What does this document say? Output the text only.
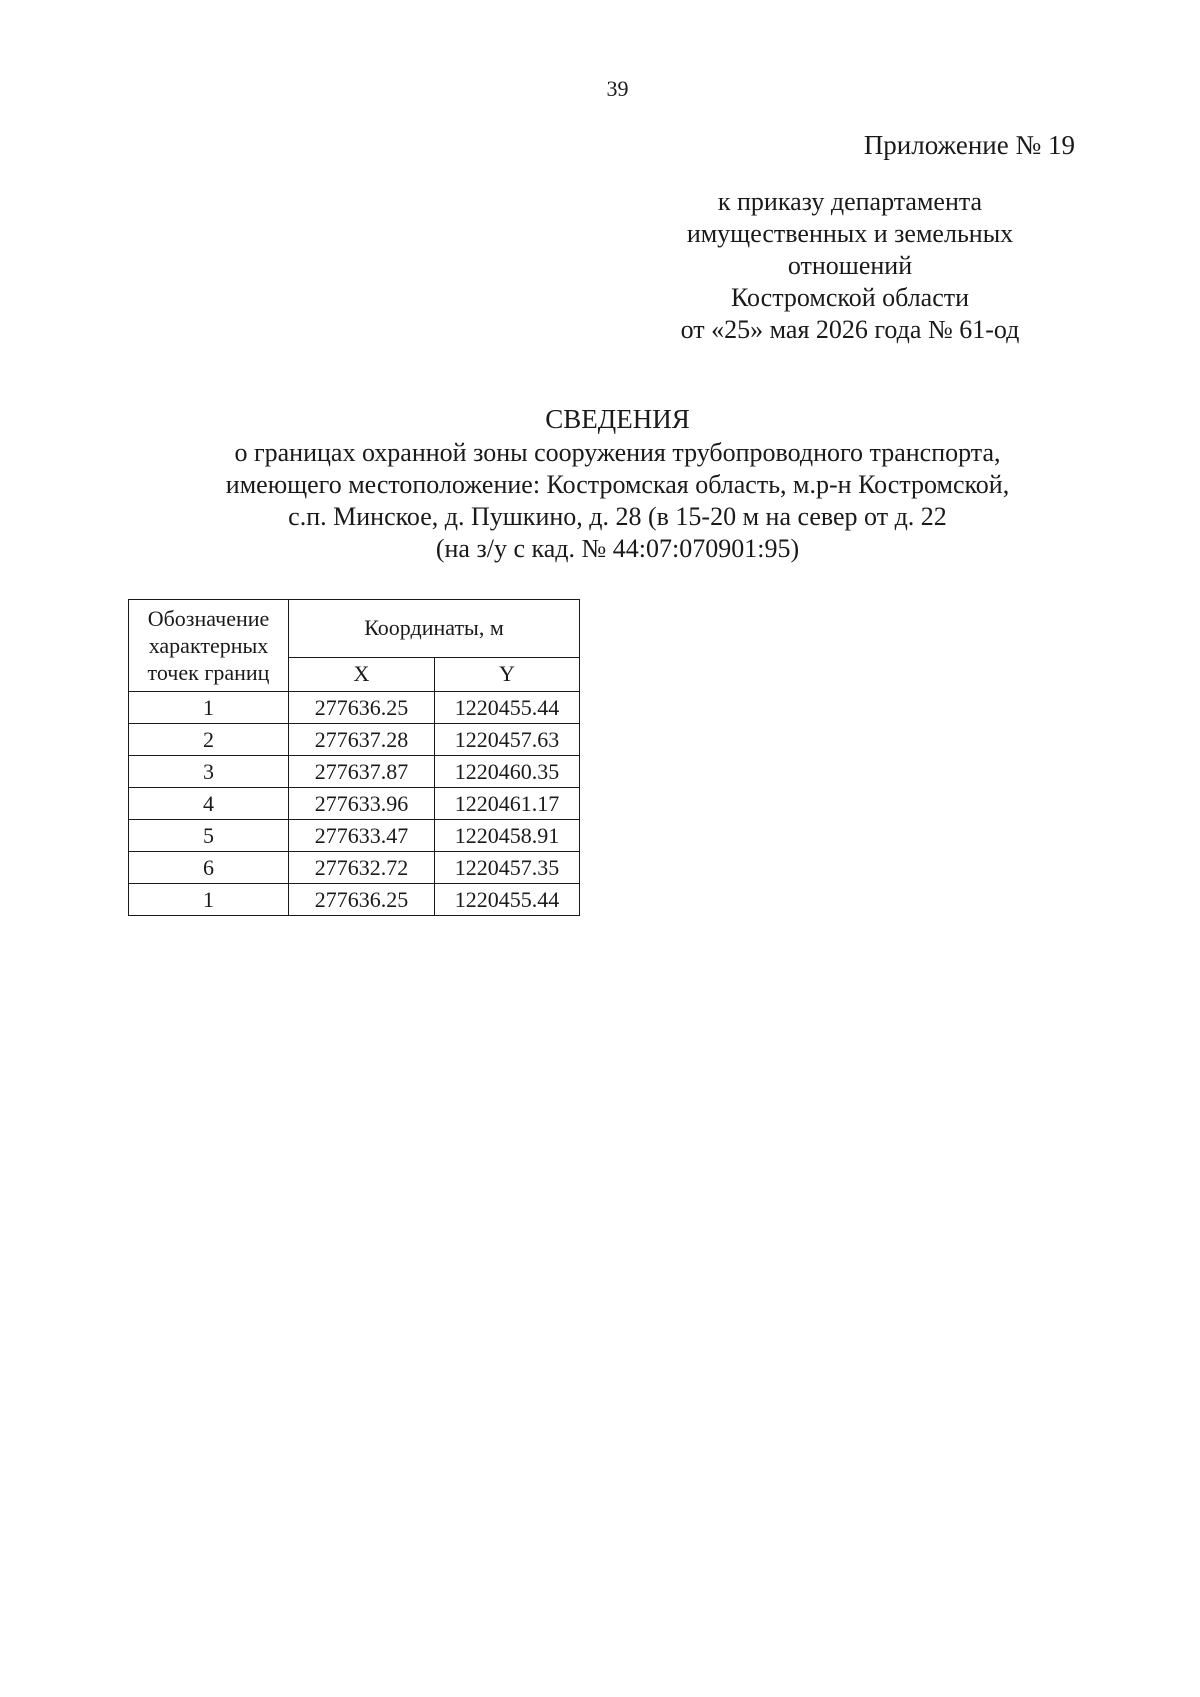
39
Приложение № 19
к приказу департамента
имущественных и земельных
отношений
Костромской области
от «25» мая 2026 года № 61-од
СВЕДЕНИЯ
о границах охранной зоны сооружения трубопроводного транспорта,
имеющего местоположение: Костромская область, м.р-н Костромской,
с.п. Минское, д. Пушкино, д. 28 (в 15-20 м на север от д. 22
(на з/у с кад. № 44:07:070901:95)
Обозначение характерных точек границ	Координаты, м	
	X	Y
1	277636.25	1220455.44
2	277637.28	1220457.63
3	277637.87	1220460.35
4	277633.96	1220461.17
5	277633.47	1220458.91
6	277632.72	1220457.35
1	277636.25	1220455.44
